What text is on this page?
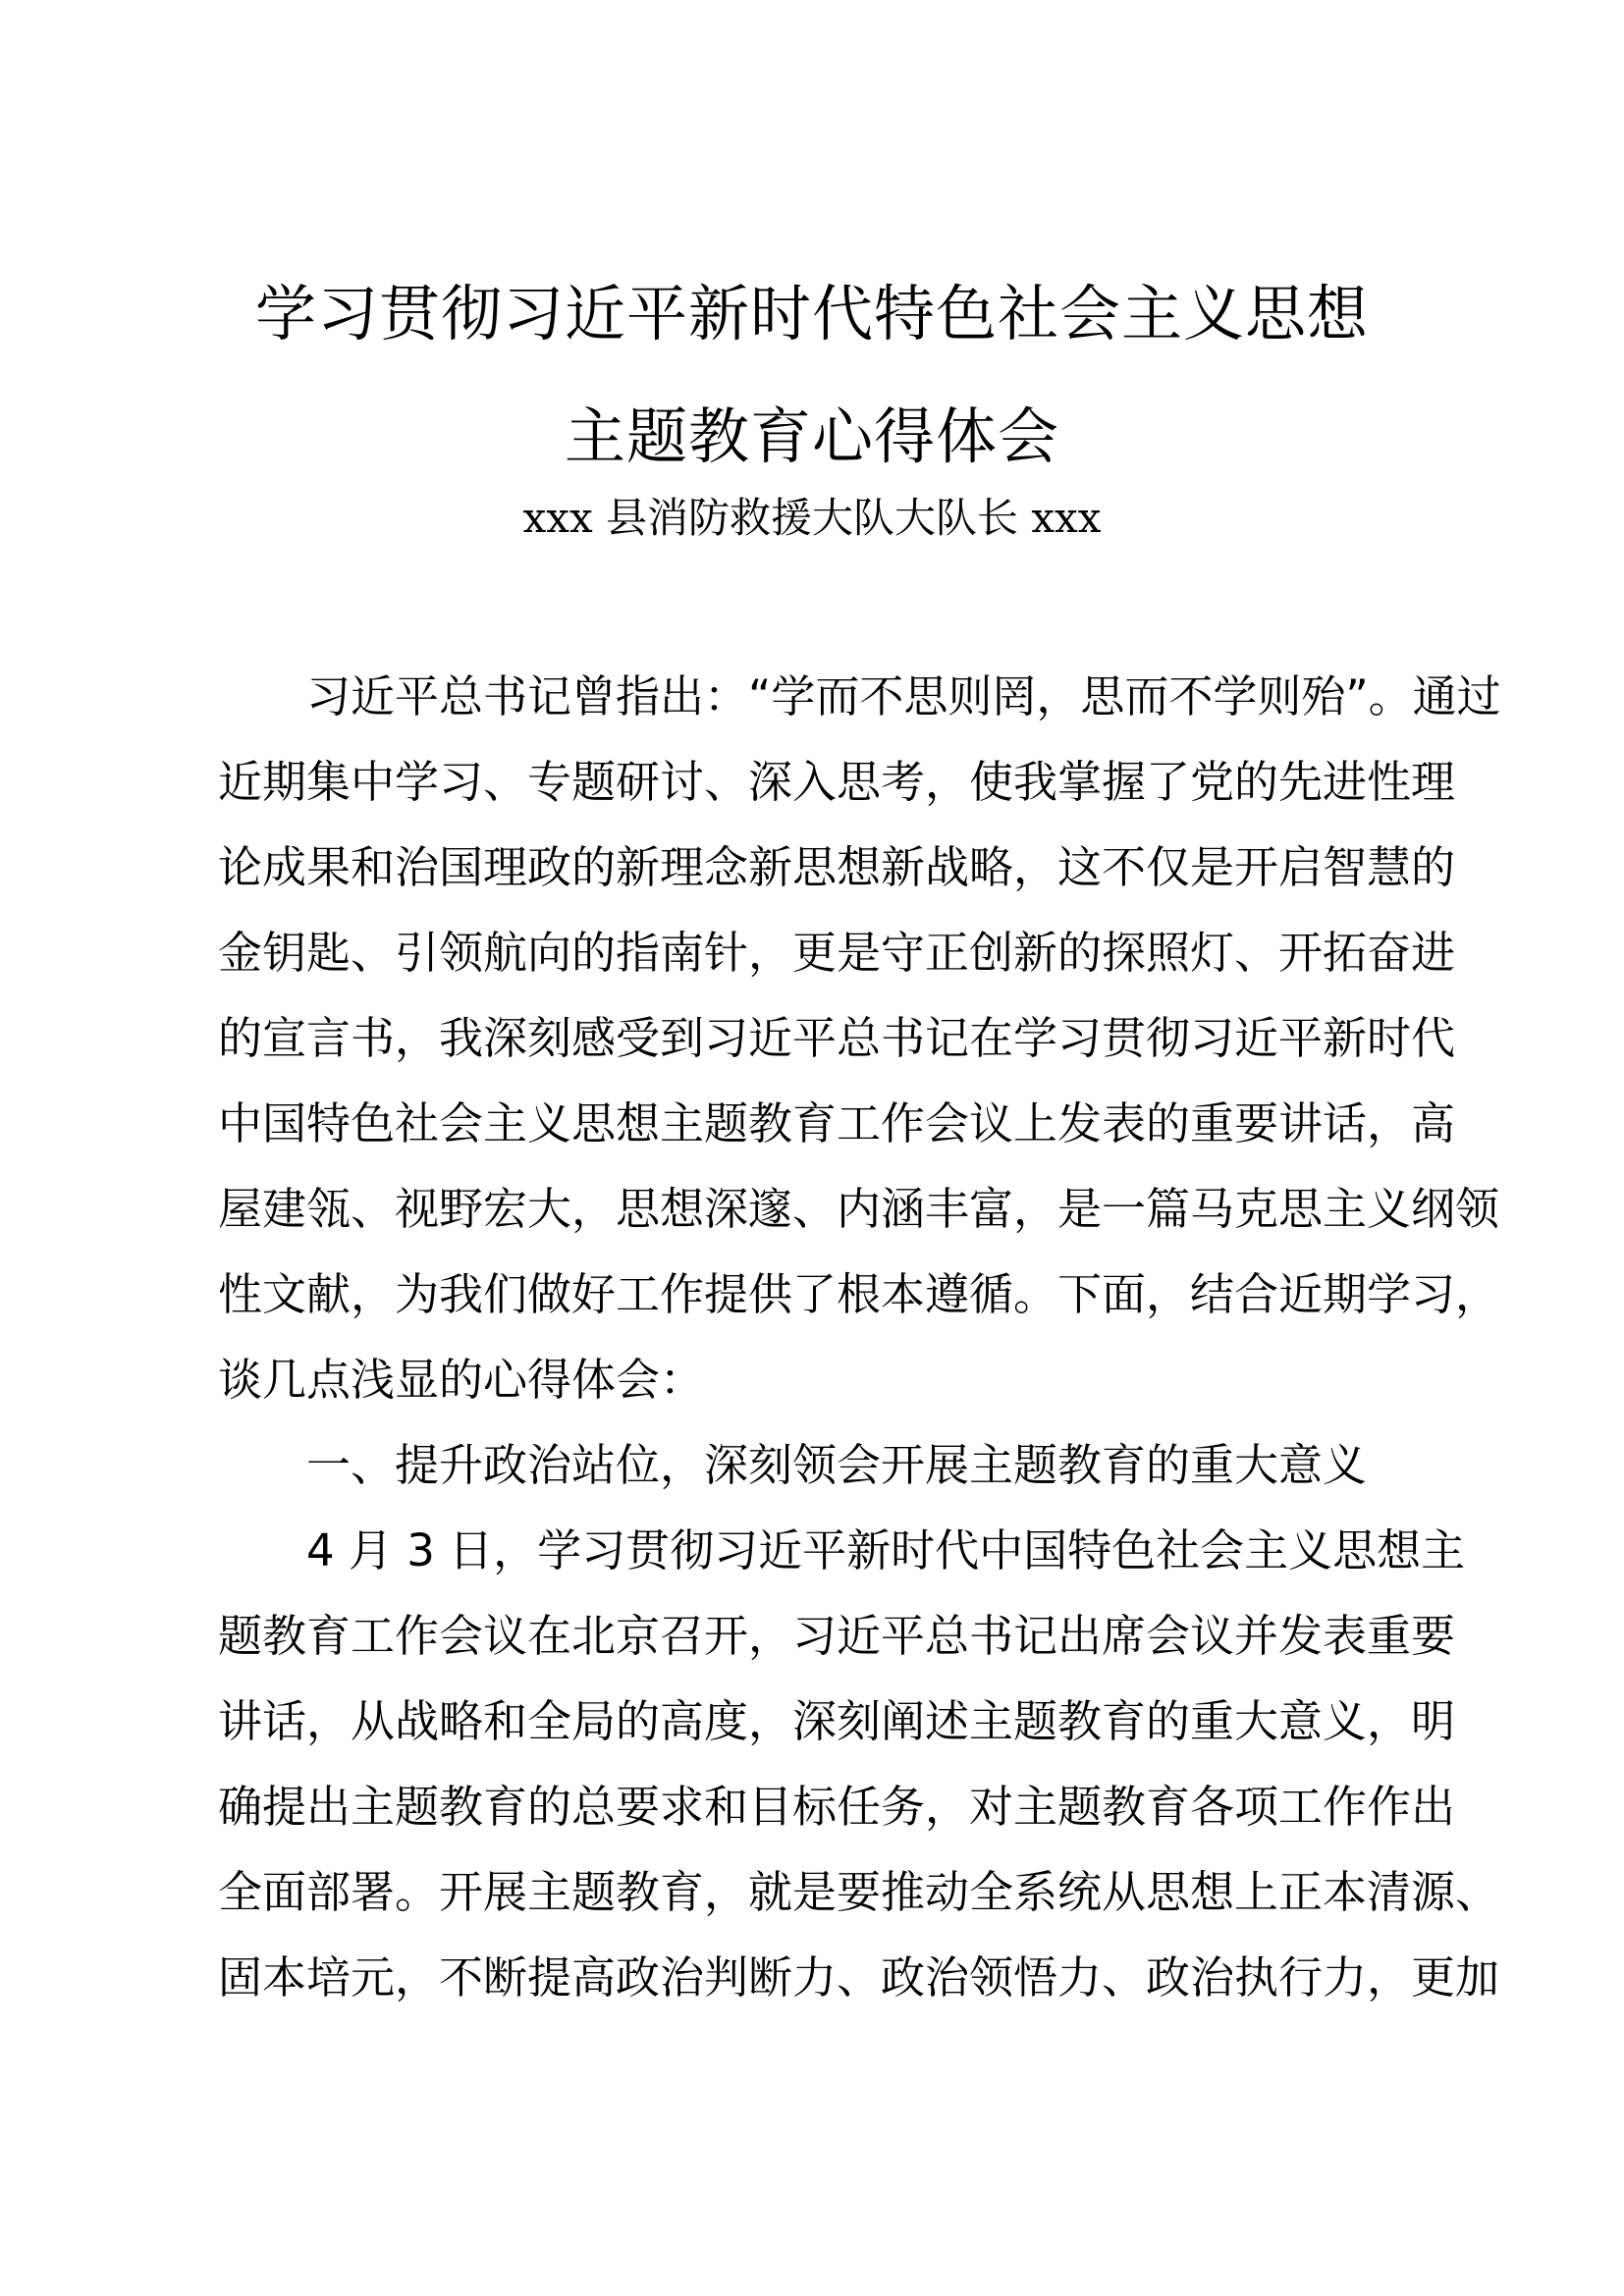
学习贯彻习近平新时代特色社会主义思想
主题教育心得体会
xxx 县消防救援大队大队长 xxx
习近平总书记曾指出：“学而不思则罔，思而不学则殆”。通过
近期集中学习、专题研讨、深入思考，使我掌握了党的先进性理
论成果和治国理政的新理念新思想新战略，这不仅是开启智慧的
金钥匙、引领航向的指南针，更是守正创新的探照灯、开拓奋进
的宣言书，我深刻感受到习近平总书记在学习贯彻习近平新时代
中国特色社会主义思想主题教育工作会议上发表的重要讲话，高
屋建瓴、视野宏大，思想深邃、内涵丰富，是一篇马克思主义纲领
性文献，为我们做好工作提供了根本遵循。下面，结合近期学习，
谈几点浅显的心得体会：
一、提升政治站位，深刻领会开展主题教育的重大意义
4 月 3 日，学习贯彻习近平新时代中国特色社会主义思想主
题教育工作会议在北京召开，习近平总书记出席会议并发表重要
讲话，从战略和全局的高度，深刻阐述主题教育的重大意义，明
确提出主题教育的总要求和目标任务，对主题教育各项工作作出
全面部署。开展主题教育，就是要推动全系统从思想上正本清源、
固本培元，不断提高政治判断力、政治领悟力、政治执行力，更加
